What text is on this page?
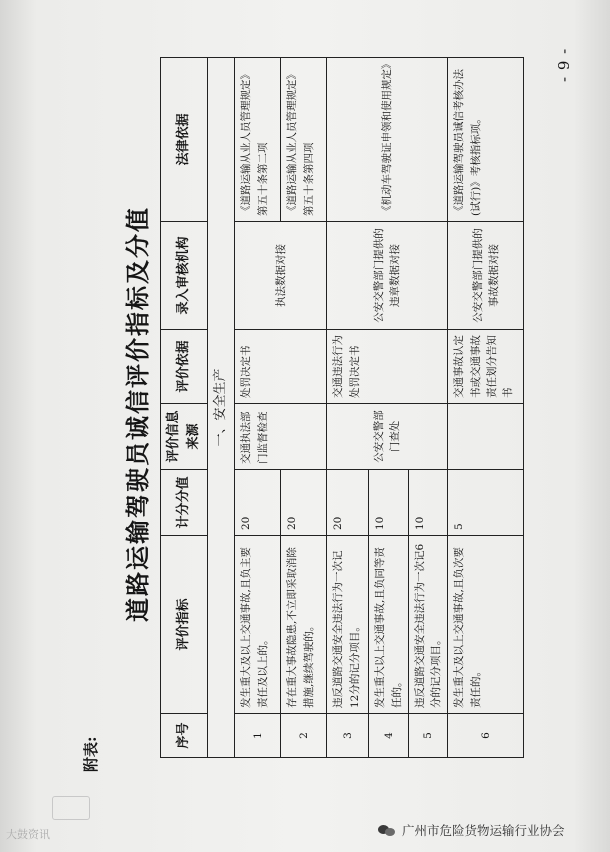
附表:
道路运输驾驶员诚信评价指标及分值
序号	评价指标	计分分值	评价信息来源	评价依据	录入审核机构	法律依据
一、安全生产						
1	发生重大及以上交通事故,且负主要责任及以上的。	20	交通执法部门监督检查	处罚决定书	执法数据对接	《道路运输从业人员管理规定》第五十条第二项
2	存在重大事故隐患,不立即采取消除措施,继续驾驶的。	20				《道路运输从业人员管理规定》第五十条第四项
3	违反道路交通安全违法行为一次记12分的记分项目。	20	公安交警部门查处	交通违法行为处罚决定书	公安交警部门提供的违章数据对接	《机动车驾驶证申领和使用规定》
4	发生重大以上交通事故,且负同等责任的。	10				
5	违反道路交通安全违法行为一次记6分的记分项目。	10				
6	发生重大及以上交通事故,且负次要责任的。	5		交通事故认定书或交通事故责任划分告知书	公安交警部门提供的事故数据对接	《道路运输驾驶员诚信考核办法(试行)》考核指标项。
- 9 -
大鼓资讯	广州市危险货物运输行业协会
